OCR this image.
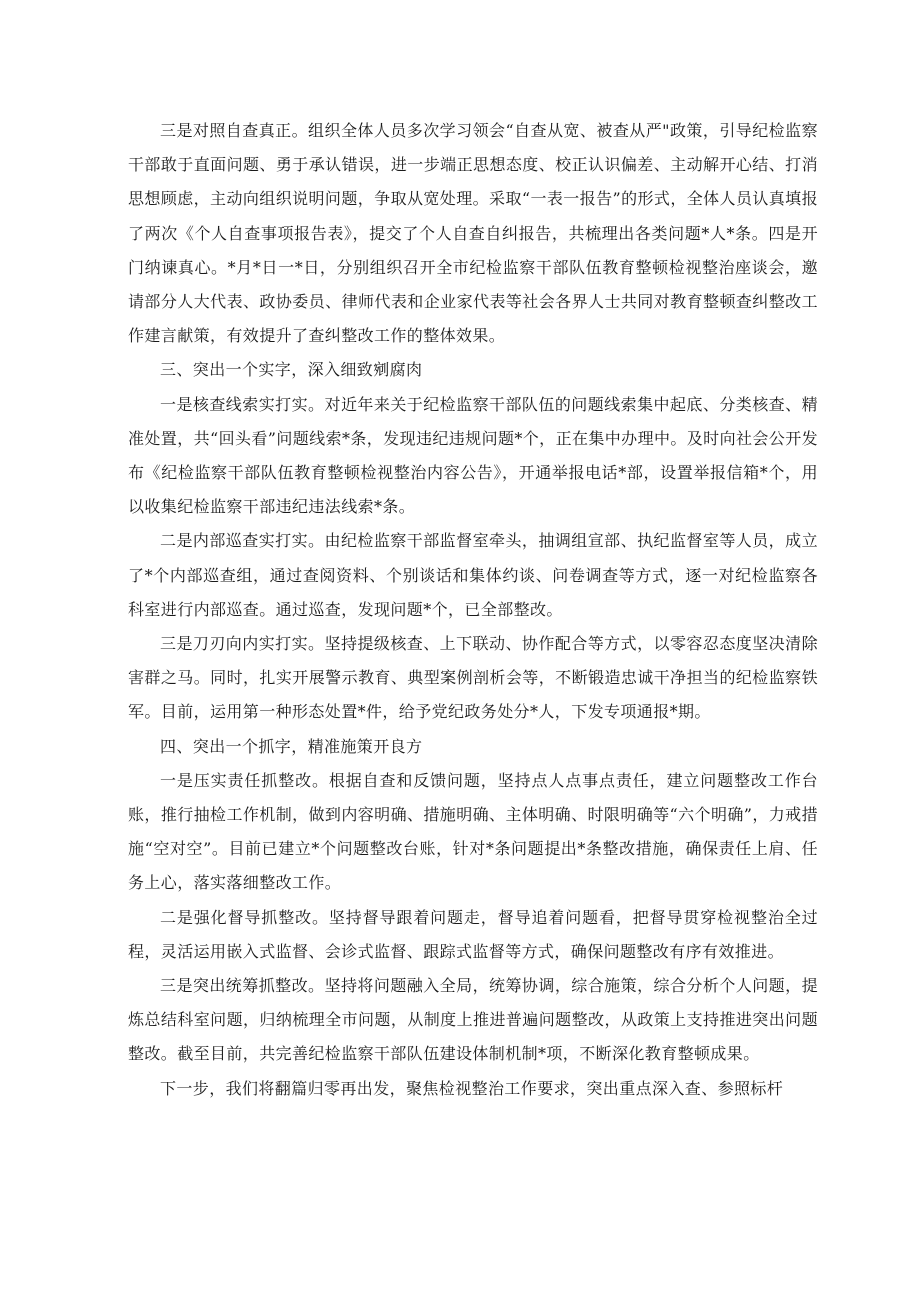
三是对照自查真正。组织全体人员多次学习领会“自查从宽、被查从严"政策，引导纪检监察干部敢于直面问题、勇于承认错误，进一步端正思想态度、校正认识偏差、主动解开心结、打消思想顾虑，主动向组织说明问题，争取从宽处理。采取“一表一报告”的形式，全体人员认真填报了两次《个人自查事项报告表》，提交了个人自查自纠报告，共梳理出各类问题*人*条。四是开门纳谏真心。*月*日一*日，分别组织召开全市纪检监察干部队伍教育整顿检视整治座谈会，邀请部分人大代表、政协委员、律师代表和企业家代表等社会各界人士共同对教育整顿查纠整改工作建言献策，有效提升了查纠整改工作的整体效果。

三、突出一个实字，深入细致剜腐肉

一是核查线索实打实。对近年来关于纪检监察干部队伍的问题线索集中起底、分类核查、精准处置，共“回头看”问题线索*条，发现违纪违规问题*个，正在集中办理中。及时向社会公开发布《纪检监察干部队伍教育整顿检视整治内容公告》，开通举报电话*部，设置举报信箱*个，用以收集纪检监察干部违纪违法线索*条。

二是内部巡查实打实。由纪检监察干部监督室牵头，抽调组宣部、执纪监督室等人员，成立了*个内部巡查组，通过查阅资料、个别谈话和集体约谈、问卷调查等方式，逐一对纪检监察各科室进行内部巡查。通过巡查，发现问题*个，已全部整改。

三是刀刃向内实打实。坚持提级核查、上下联动、协作配合等方式，以零容忍态度坚决清除害群之马。同时，扎实开展警示教育、典型案例剖析会等，不断锻造忠诚干净担当的纪检监察铁军。目前，运用第一种形态处置*件，给予党纪政务处分*人，下发专项通报*期。

四、突出一个抓字，精准施策开良方

一是压实责任抓整改。根据自查和反馈问题，坚持点人点事点责任，建立问题整改工作台账，推行抽检工作机制，做到内容明确、措施明确、主体明确、时限明确等“六个明确”，力戒措施“空对空”。目前已建立*个问题整改台账，针对*条问题提出*条整改措施，确保责任上肩、任务上心，落实落细整改工作。

二是强化督导抓整改。坚持督导跟着问题走，督导追着问题看，把督导贯穿检视整治全过程，灵活运用嵌入式监督、会诊式监督、跟踪式监督等方式，确保问题整改有序有效推进。

三是突出统筹抓整改。坚持将问题融入全局，统筹协调，综合施策，综合分析个人问题，提炼总结科室问题，归纳梳理全市问题，从制度上推进普遍问题整改，从政策上支持推进突出问题整改。截至目前，共完善纪检监察干部队伍建设体制机制*项，不断深化教育整顿成果。

下一步，我们将翻篇归零再出发，聚焦检视整治工作要求，突出重点深入查、参照标杆
